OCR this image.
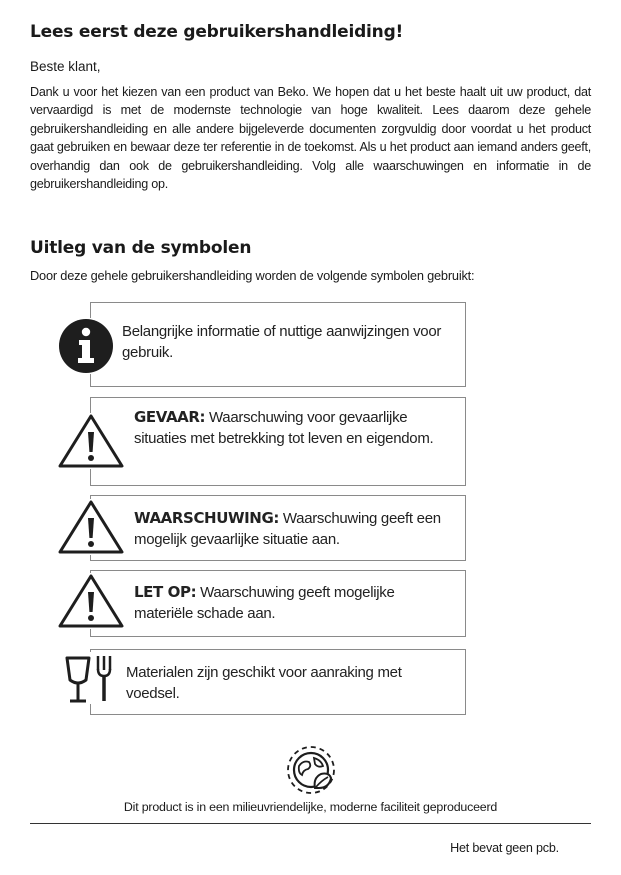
Lees eerst deze gebruikershandleiding!

Beste klant,

Dank u voor het kiezen van een product van Beko. We hopen dat u het beste haalt uit uw product, dat vervaardigd is met de modernste technologie van hoge kwaliteit. Lees daarom deze gehele gebruikershandleiding en alle andere bijgeleverde documenten zorgvuldig door voordat u het product gaat gebruiken en bewaar deze ter referentie in de toekomst. Als u het product aan iemand anders geeft, overhandig dan ook de gebruikershandleiding. Volg alle waarschuwingen en informatie in de gebruikershandleiding op.

Uitleg van de symbolen

Door deze gehele gebruikershandleiding worden de volgende symbolen gebruikt:

Belangrijke informatie of nuttige aanwijzingen voor gebruik.
GEVAAR: Waarschuwing voor gevaarlijke situaties met betrekking tot leven en eigendom.
WAARSCHUWING: Waarschuwing geeft een mogelijk gevaarlijke situatie aan.
LET OP: Waarschuwing geeft mogelijke materiële schade aan.
Materialen zijn geschikt voor aanraking met voedsel.

Dit product is in een milieuvriendelijke, moderne faciliteit geproduceerd

Het bevat geen pcb.
